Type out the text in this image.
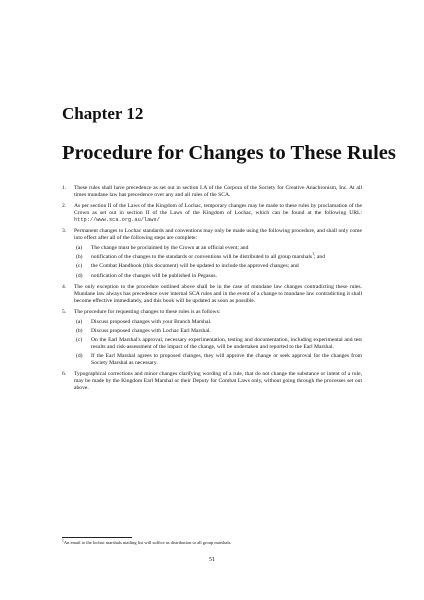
Chapter 12
Procedure for Changes to These Rules
1. These rules shall have precedence as set out in section I.A of the Corpora of the Society for Creative Anachronism, Inc. At all times mundane law has precedence over any and all rules of the SCA.
2. As per section II of the Laws of the Kingdom of Lochac, temporary changes may be made to these rules by proclamation of the Crown as set out in section II of the Laws of the Kingdom of Lochac, which can be found at the following URL: http://www.sca.org.au/laws/
3. Permanent changes to Lochac standards and conventions may only be made using the following procedure, and shall only come into effect after all of the following steps are complete:
(a) The change must be proclaimed by the Crown at an official event; and
(b) notification of the changes to the standards or conventions will be distributed to all group marshals$^1$; and
(c) the Combat Handbook (this document) will be updated to include the approved changes; and
(d) notification of the changes will be published in Pegasus.
4. The only exception to the procedure outlined above shall be in the case of mundane law changes contradicting these rules. Mundane law always has precedence over internal SCA rules and in the event of a change to mundane law contradicting it shall become effective immediately, and this book will be updated as soon as possible.
5. The procedure for requesting changes to these rules is as follows:
(a) Discuss proposed changes with your Branch Marshal.
(b) Discuss proposed changes with Lochac Earl Marshal.
(c) On the Earl Marshal's approval, necessary experimentation, testing and documentation, including experimental and test results and risk-assessment of the impact of the change, will be undertaken and reported to the Earl Marshal.
(d) If the Earl Marshal agrees to proposed changes, they will approve the change or seek approval for the changes from Society Marshal as necessary.
6. Typographical corrections and minor changes clarifying wording of a rule, that do not change the substance or intent of a rule, may be made by the Kingdom Earl Marshal or their Deputy for Combat Laws only, without going through the processes set out above.
$^1$An email to the lochac marshals mailing list will suffice as distribution to all group marshals.
51
